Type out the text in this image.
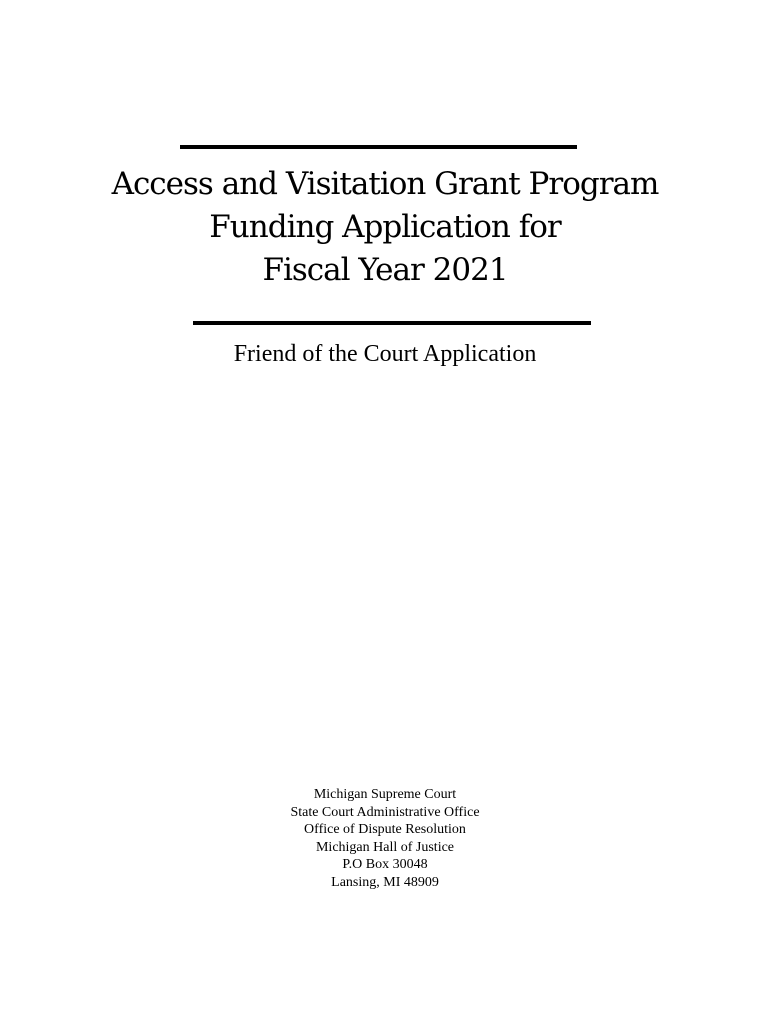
Access and Visitation Grant Program
Funding Application for
Fiscal Year 2021
Friend of the Court Application
Michigan Supreme Court
State Court Administrative Office
Office of Dispute Resolution
Michigan Hall of Justice
P.O Box 30048
Lansing, MI 48909
